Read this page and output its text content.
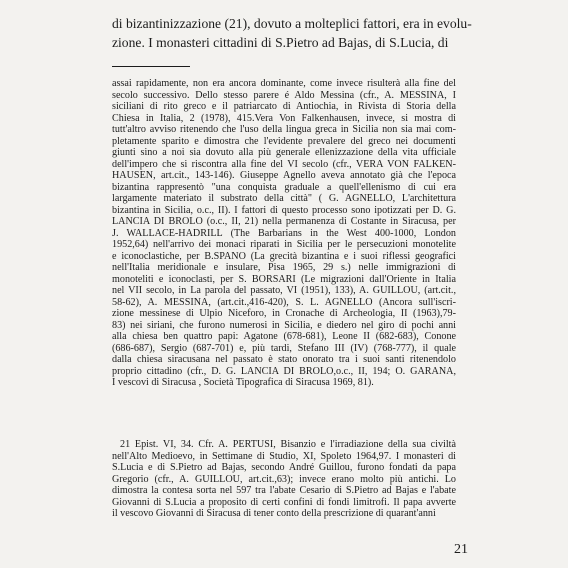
di bizantinizzazione (21), dovuto a molteplici fattori, era in evolu-
zione. I monasteri cittadini di S.Pietro ad Bajas, di S.Lucia, di
assai rapidamente, non era ancora dominante, come invece risulterà alla fine del
secolo successivo. Dello stesso parere é Aldo Messina (cfr., A. MESSINA, I
siciliani di rito greco e il patriarcato di Antiochia, in Rivista di Storia della
Chiesa in Italia, 2 (1978), 415.Vera Von Falkenhausen, invece, si mostra di
tutt'altro avviso ritenendo che l'uso della lingua greca in Sicilia non sia mai com-
pletamente sparito e dimostra che l'evidente prevalere del greco nei documenti
giunti sino a noi sia dovuto alla più generale ellenizzazione della vita ufficiale
dell'impero che si riscontra alla fine del VI secolo (cfr., VERA VON FALKEN-
HAUSEN, art.cit., 143-146). Giuseppe Agnello aveva annotato già che l'epoca
bizantina rappresentò "una conquista graduale a quell'ellenismo di cui era
largamente materiato il substrato della città" ( G. AGNELLO, L'architettura
bizantina in Sicilia, o.c., II). I fattori di questo processo sono ipotizzati per D. G.
LANCIA DI BROLO (o.c., II, 21) nella permanenza di Costante in Siracusa, per
J. WALLACE-HADRILL (The Barbarians in the West 400-1000, London
1952,64) nell'arrivo dei monaci riparati in Sicilia per le persecuzioni monotelite
e iconoclastiche, per B.SPANO (La grecità bizantina e i suoi riflessi geografici
nell'Italia meridionale e insulare, Pisa 1965, 29 s.) nelle immigrazioni di
monoteliti e iconoclasti, per S. BORSARI (Le migrazioni dall'Oriente in Italia
nel VII secolo, in La parola del passato, VI (1951), 133), A. GUILLOU, (art.cit.,
58-62), A. MESSINA, (art.cit.,416-420), S. L. AGNELLO (Ancora sull'iscri-
zione messinese di Ulpio Niceforo, in Cronache di Archeologia, II (1963),79-
83) nei siriani, che furono numerosi in Sicilia, e diedero nel giro di pochi anni
alla chiesa ben quattro papi: Agatone (678-681), Leone II (682-683), Conone
(686-687), Sergio (687-701) e, più tardi, Stefano III (IV) (768-777), il quale
dalla chiesa siracusana nel passato è stato onorato tra i suoi santi ritenendolo
proprio cittadino (cfr., D. G. LANCIA DI BROLO,o.c., II, 194; O. GARANA,
I vescovi di Siracusa , Società Tipografica di Siracusa 1969, 81).
21 Epist. VI, 34. Cfr. A. PERTUSI, Bisanzio e l'irradiazione della sua civiltà
nell'Alto Medioevo, in Settimane di Studio, XI, Spoleto 1964,97. I monasteri di
S.Lucia e di S.Pietro ad Bajas, secondo André Guillou, furono fondati da papa
Gregorio (cfr., A. GUILLOU, art.cit.,63); invece erano molto più antichi. Lo
dimostra la contesa sorta nel 597 tra l'abate Cesario di S.Pietro ad Bajas e l'abate
Giovanni di S.Lucia a proposito di certi confini di fondi limitrofi. Il papa avverte
il vescovo Giovanni di Siracusa di tener conto della prescrizione di quarant'anni
21
